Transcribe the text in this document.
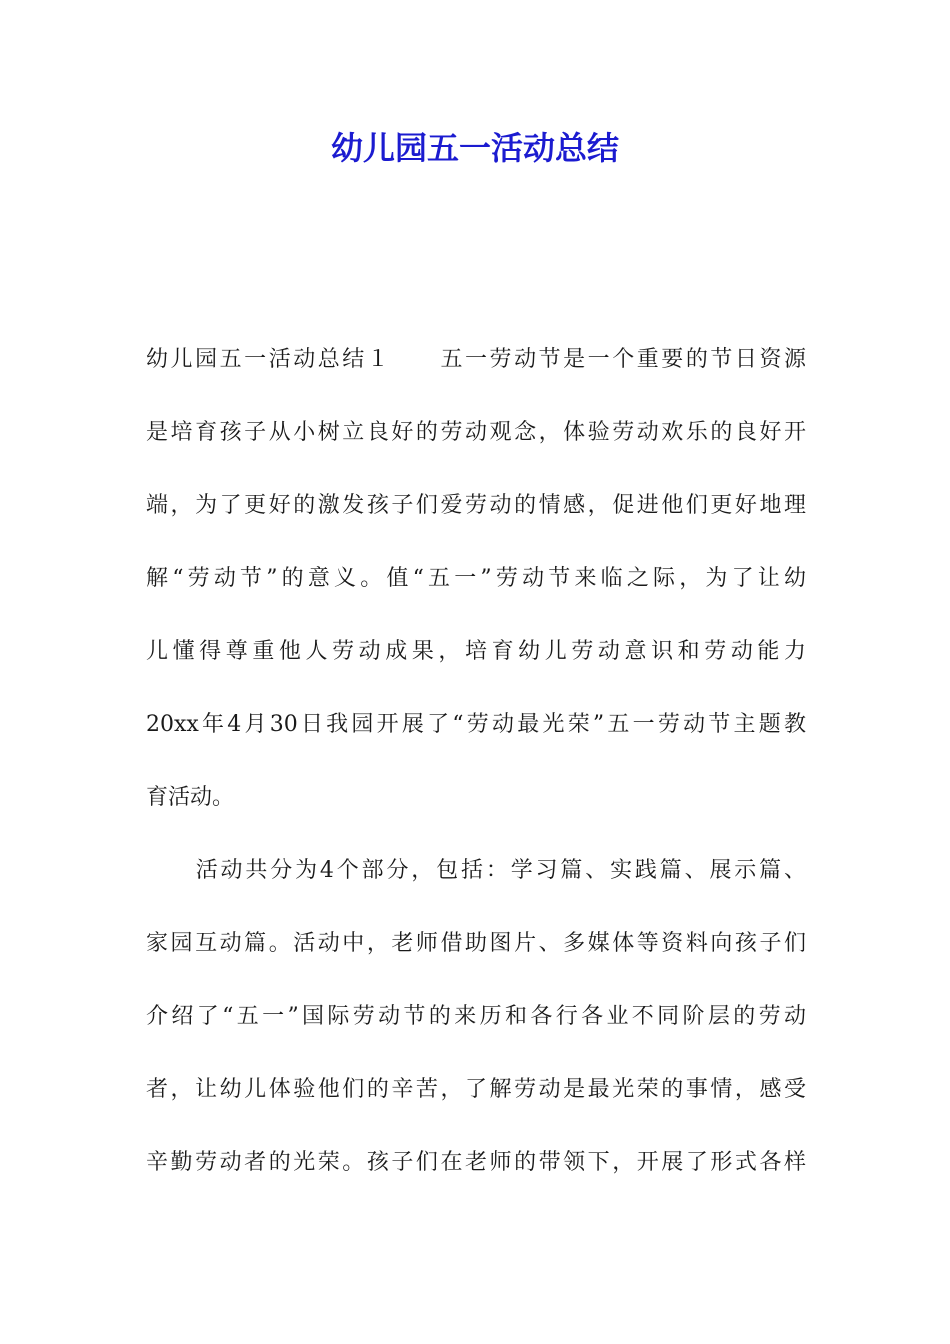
幼儿园五一活动总结

幼儿园五一活动总结１　　五一劳动节是一个重要的节日资源

是培育孩子从小树立良好的劳动观念，体验劳动欢乐的良好开

端，为了更好的激发孩子们爱劳动的情感，促进他们更好地理

解“劳动节”的意义。值“五一”劳动节来临之际，为了让幼

儿懂得尊重他人劳动成果，培育幼儿劳动意识和劳动能力

20xx年4月30日我园开展了“劳动最光荣”五一劳动节主题教

育活动。

　　活动共分为4个部分，包括：学习篇、实践篇、展示篇、

家园互动篇。活动中，老师借助图片、多媒体等资料向孩子们

介绍了“五一”国际劳动节的来历和各行各业不同阶层的劳动

者，让幼儿体验他们的辛苦，了解劳动是最光荣的事情，感受

辛勤劳动者的光荣。孩子们在老师的带领下，开展了形式各样
